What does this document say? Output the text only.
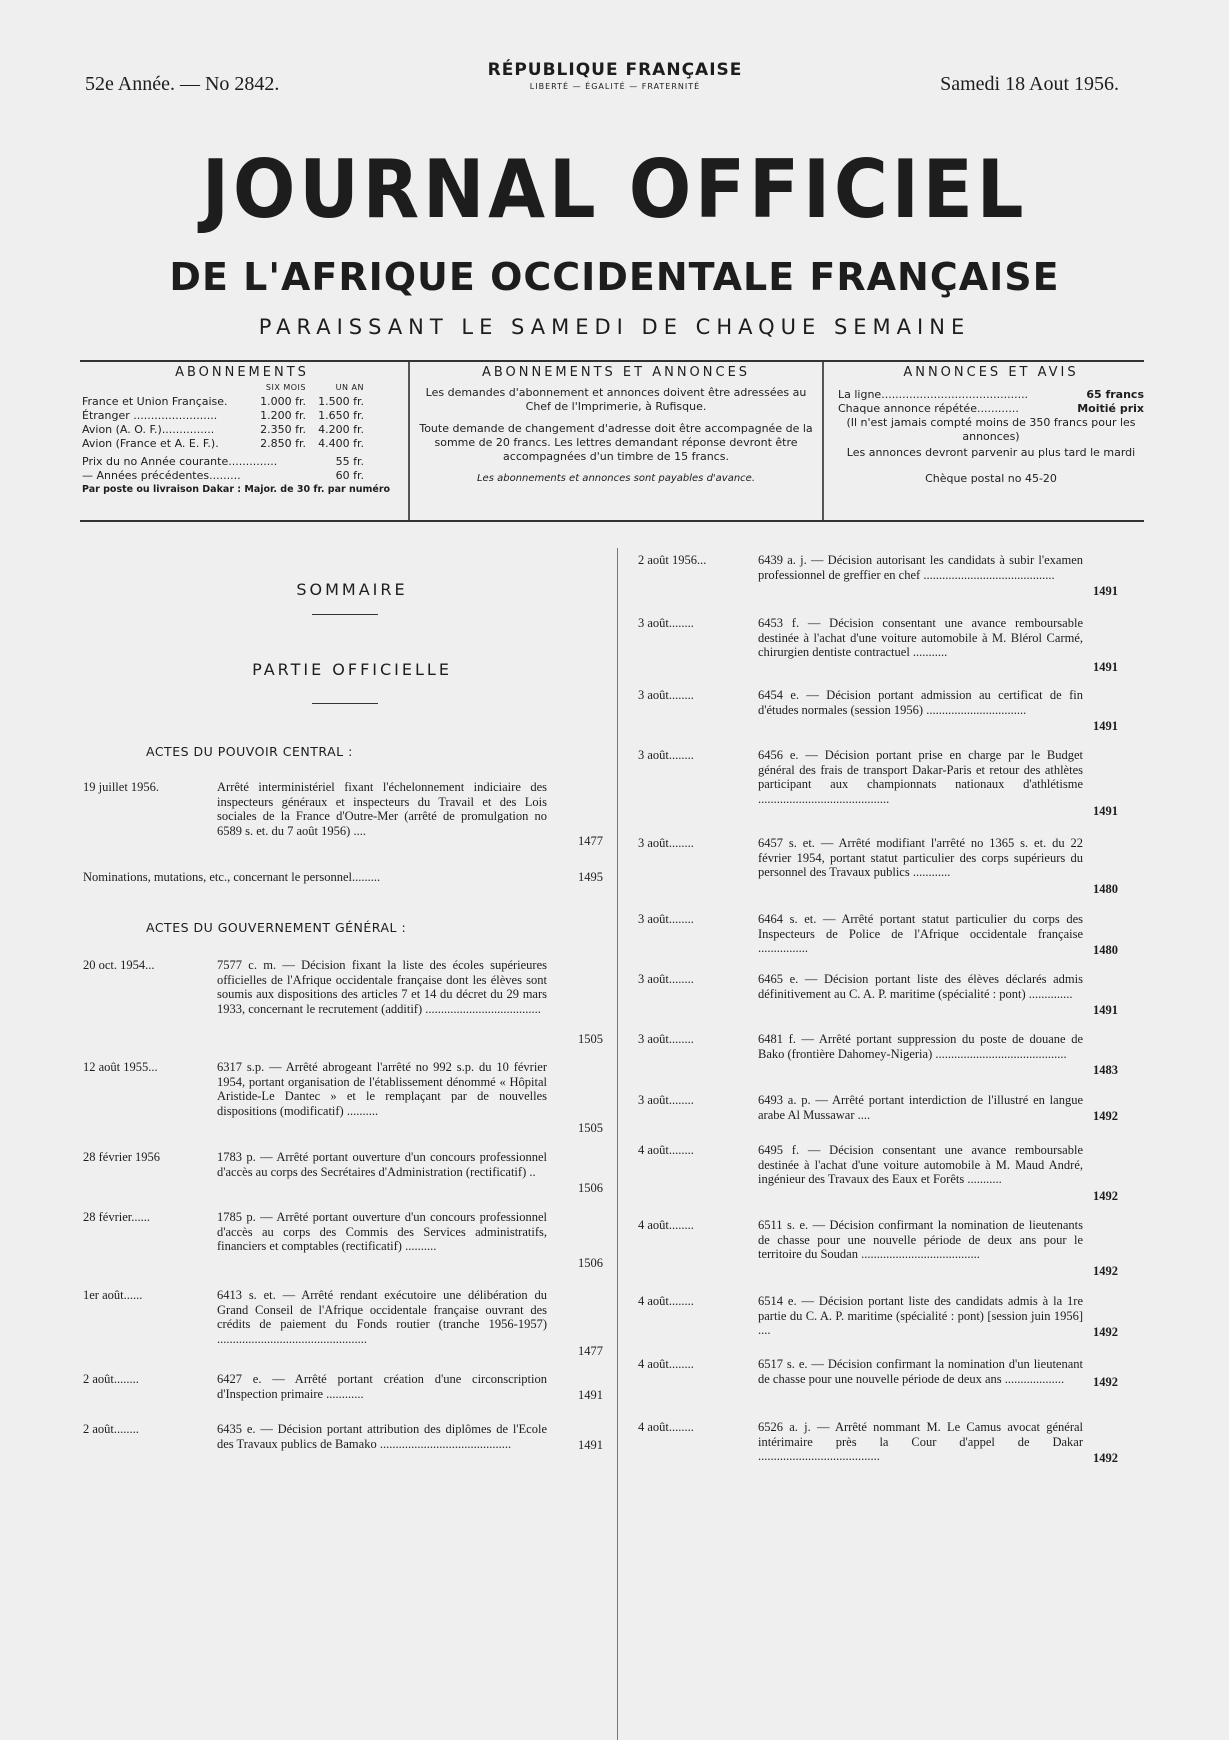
52e Année. — No 2842.
RÉPUBLIQUE FRANÇAISE
LIBERTÉ — ÉGALITÉ — FRATERNITÉ	Samedi 18 Aout 1956.
JOURNAL OFFICIEL
DE L'AFRIQUE OCCIDENTALE FRANÇAISE
PARAISSANT LE SAMEDI DE CHAQUE SEMAINE
ABONNEMENTS
SIX MOIS	UN AN
France et Union Française.	1.000 fr.	1.500 fr.
Étranger ........................	1.200 fr.	1.650 fr.
Avion (A. O. F.)...............	2.350 fr.	4.200 fr.
Avion (France et A. E. F.).	2.850 fr.	4.400 fr.
Prix du no Année courante..............	55 fr.
— Années précédentes.........	60 fr.
Par poste ou livraison Dakar : Major. de 30 fr. par numéro
ABONNEMENTS ET ANNONCES

Les demandes d'abonnement et annonces doivent être adressées au Chef de l'Imprimerie, à Rufisque.

Toute demande de changement d'adresse doit être accompagnée de la somme de 20 francs. Les lettres demandant réponse devront être accompagnées d'un timbre de 15 francs.

Les abonnements et annonces sont payables d'avance.

ANNONCES ET AVIS
La ligne..........................................	65 francs
Chaque annonce répétée............	Moitié prix
(Il n'est jamais compté moins de 350 francs pour les annonces)
Les annonces devront parvenir au plus tard le mardi
Chèque postal no 45-20
SOMMAIRE
PARTIE OFFICIELLE
ACTES DU POUVOIR CENTRAL :
19 juillet 1956.	Arrêté interministériel fixant l'échelonnement indiciaire des inspecteurs généraux et inspecteurs du Travail et des Lois sociales de la France d'Outre-Mer (arrêté de promulgation no 6589 s. et. du 7 août 1956) ....
1477
20 oct. 1954...	7577 c. m. — Décision fixant la liste des écoles supérieures officielles de l'Afrique occidentale française dont les élèves sont soumis aux dispositions des articles 7 et 14 du décret du 29 mars 1933, concernant le recrutement (additif) .....................................
1505
12 août 1955...	6317 s.p. — Arrêté abrogeant l'arrêté no 992 s.p. du 10 février 1954, portant organisation de l'établissement dénommé « Hôpital Aristide-Le Dantec » et le remplaçant par de nouvelles dispositions (modificatif) ..........
1505
28 février 1956	1783 p. — Arrêté portant ouverture d'un concours professionnel d'accès au corps des Secrétaires d'Administration (rectificatif) ..
1506
28 février......	1785 p. — Arrêté portant ouverture d'un concours professionnel d'accès au corps des Commis des Services administratifs, financiers et comptables (rectificatif) ..........
1506
1er août......	6413 s. et. — Arrêté rendant exécutoire une délibération du Grand Conseil de l'Afrique occidentale française ouvrant des crédits de paiement du Fonds routier (tranche 1956-1957) ................................................
1477
2 août........	6427 e. — Arrêté portant création d'une circonscription d'Inspection primaire ............	1491
2 août........	6435 e. — Décision portant attribution des diplômes de l'Ecole des Travaux publics de Bamako ..........................................	1491
Nominations, mutations, etc., concernant le personnel.........	1495
ACTES DU GOUVERNEMENT GÉNÉRAL :
2 août 1956...	6439 a. j. — Décision autorisant les candidats à subir l'examen professionnel de greffier en chef ..........................................
1491
3 août........	6453 f. — Décision consentant une avance remboursable destinée à l'achat d'une voiture automobile à M. Blérol Carmé, chirurgien dentiste contractuel ...........
1491
3 août........	6454 e. — Décision portant admission au certificat de fin d'études normales (session 1956) ................................
1491
3 août........	6456 e. — Décision portant prise en charge par le Budget général des frais de transport Dakar-Paris et retour des athlètes participant aux championnats nationaux d'athlétisme ..........................................
1491
3 août........	6457 s. et. — Arrêté modifiant l'arrêté no 1365 s. et. du 22 février 1954, portant statut particulier des corps supérieurs du personnel des Travaux publics ............
1480
3 août........	6464 s. et. — Arrêté portant statut particulier du corps des Inspecteurs de Police de l'Afrique occidentale française ................	1480
3 août........	6465 e. — Décision portant liste des élèves déclarés admis définitivement au C. A. P. maritime (spécialité : pont) ..............
1491
3 août........	6481 f. — Arrêté portant suppression du poste de douane de Bako (frontière Dahomey-Nigeria) ..........................................
1483
3 août........	6493 a. p. — Arrêté portant interdiction de l'illustré en langue arabe Al Mussawar ....	1492
4 août........	6495 f. — Décision consentant une avance remboursable destinée à l'achat d'une voiture automobile à M. Maud André, ingénieur des Travaux des Eaux et Forêts ...........
1492
4 août........	6511 s. e. — Décision confirmant la nomination de lieutenants de chasse pour une nouvelle période de deux ans pour le territoire du Soudan ......................................
1492
4 août........	6514 e. — Décision portant liste des candidats admis à la 1re partie du C. A. P. maritime (spécialité : pont) [session juin 1956] ....	1492
4 août........	6517 s. e. — Décision confirmant la nomination d'un lieutenant de chasse pour une nouvelle période de deux ans ...................	1492
4 août........	6526 a. j. — Arrêté nommant M. Le Camus avocat général intérimaire près la Cour d'appel de Dakar .......................................	1492
